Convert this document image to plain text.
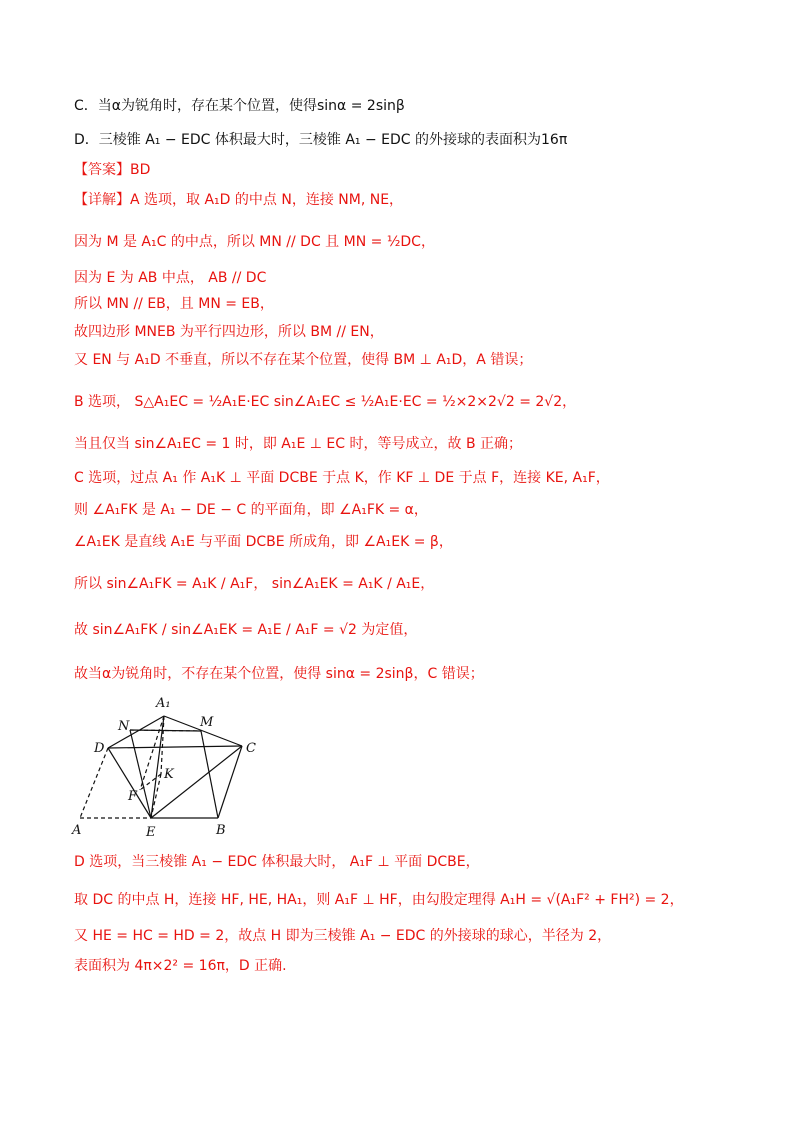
C．当α为锐角时，存在某个位置，使得sinα = 2sinβ
D．三棱锥 A₁ − EDC 体积最大时，三棱锥 A₁ − EDC 的外接球的表面积为16π
【答案】BD
【详解】A 选项，取 A₁D 的中点 N，连接 NM, NE，
因为 M 是 A₁C 的中点，所以 MN // DC 且 MN = ½DC，
因为 E 为 AB 中点， AB // DC
所以 MN // EB，且 MN = EB，
故四边形 MNEB 为平行四边形，所以 BM // EN，
又 EN 与 A₁D 不垂直，所以不存在某个位置，使得 BM ⊥ A₁D，A 错误；
B 选项， S△A₁EC = ½A₁E·EC sin∠A₁EC ≤ ½A₁E·EC = ½×2×2√2 = 2√2，
当且仅当 sin∠A₁EC = 1 时，即 A₁E ⊥ EC 时，等号成立，故 B 正确；
C 选项，过点 A₁ 作 A₁K ⊥ 平面 DCBE 于点 K，作 KF ⊥ DE 于点 F，连接 KE, A₁F，
则 ∠A₁FK 是 A₁ − DE − C 的平面角，即 ∠A₁FK = α，
∠A₁EK 是直线 A₁E 与平面 DCBE 所成角，即 ∠A₁EK = β，
所以 sin∠A₁FK = A₁K / A₁F， sin∠A₁EK = A₁K / A₁E，
故 sin∠A₁FK / sin∠A₁EK = A₁E / A₁F = √2 为定值，
故当α为锐角时，不存在某个位置，使得 sinα = 2sinβ，C 错误；
A₁
N	M
D	C
K
F
A	E	B
D 选项，当三棱锥 A₁ − EDC 体积最大时， A₁F ⊥ 平面 DCBE，
取 DC 的中点 H，连接 HF, HE, HA₁，则 A₁F ⊥ HF，由勾股定理得 A₁H = √(A₁F² + FH²) = 2，
又 HE = HC = HD = 2，故点 H 即为三棱锥 A₁ − EDC 的外接球的球心，半径为 2，
表面积为 4π×2² = 16π，D 正确.
